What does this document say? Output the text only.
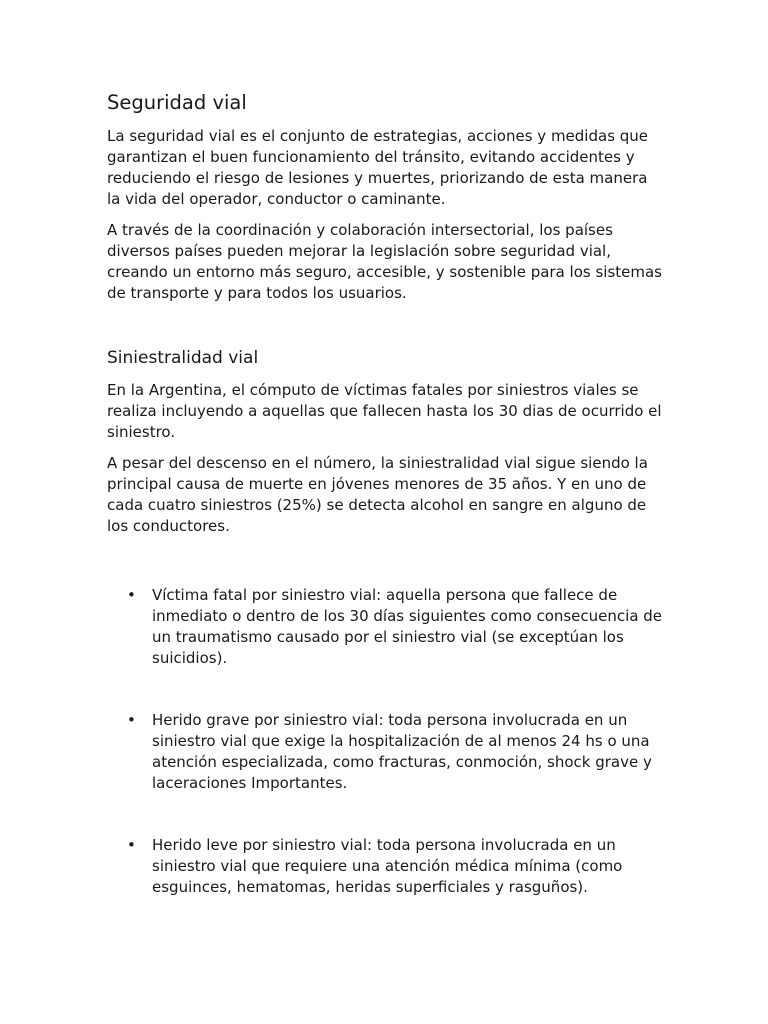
Seguridad vial

La seguridad vial es el conjunto de estrategias, acciones y medidas que garantizan el buen funcionamiento del tránsito, evitando accidentes y reduciendo el riesgo de lesiones y muertes, priorizando de esta manera la vida del operador, conductor o caminante.

A través de la coordinación y colaboración intersectorial, los países diversos países pueden mejorar la legislación sobre seguridad vial, creando un entorno más seguro, accesible, y sostenible para los sistemas de transporte y para todos los usuarios.

Siniestralidad vial

En la Argentina, el cómputo de víctimas fatales por siniestros viales se realiza incluyendo a aquellas que fallecen hasta los 30 dias de ocurrido el siniestro.

A pesar del descenso en el número, la siniestralidad vial sigue siendo la principal causa de muerte en jóvenes menores de 35 años. Y en uno de cada cuatro siniestros (25%) se detecta alcohol en sangre en alguno de los conductores.

• Víctima fatal por siniestro vial: aquella persona que fallece de inmediato o dentro de los 30 días siguientes como consecuencia de un traumatismo causado por el siniestro vial (se exceptúan los suicidios).
• Herido grave por siniestro vial: toda persona involucrada en un siniestro vial que exige la hospitalización de al menos 24 hs o una atención especializada, como fracturas, conmoción, shock grave y laceraciones Importantes.
• Herido leve por siniestro vial: toda persona involucrada en un siniestro vial que requiere una atención médica mínima (como esguinces, hematomas, heridas superficiales y rasguños).
